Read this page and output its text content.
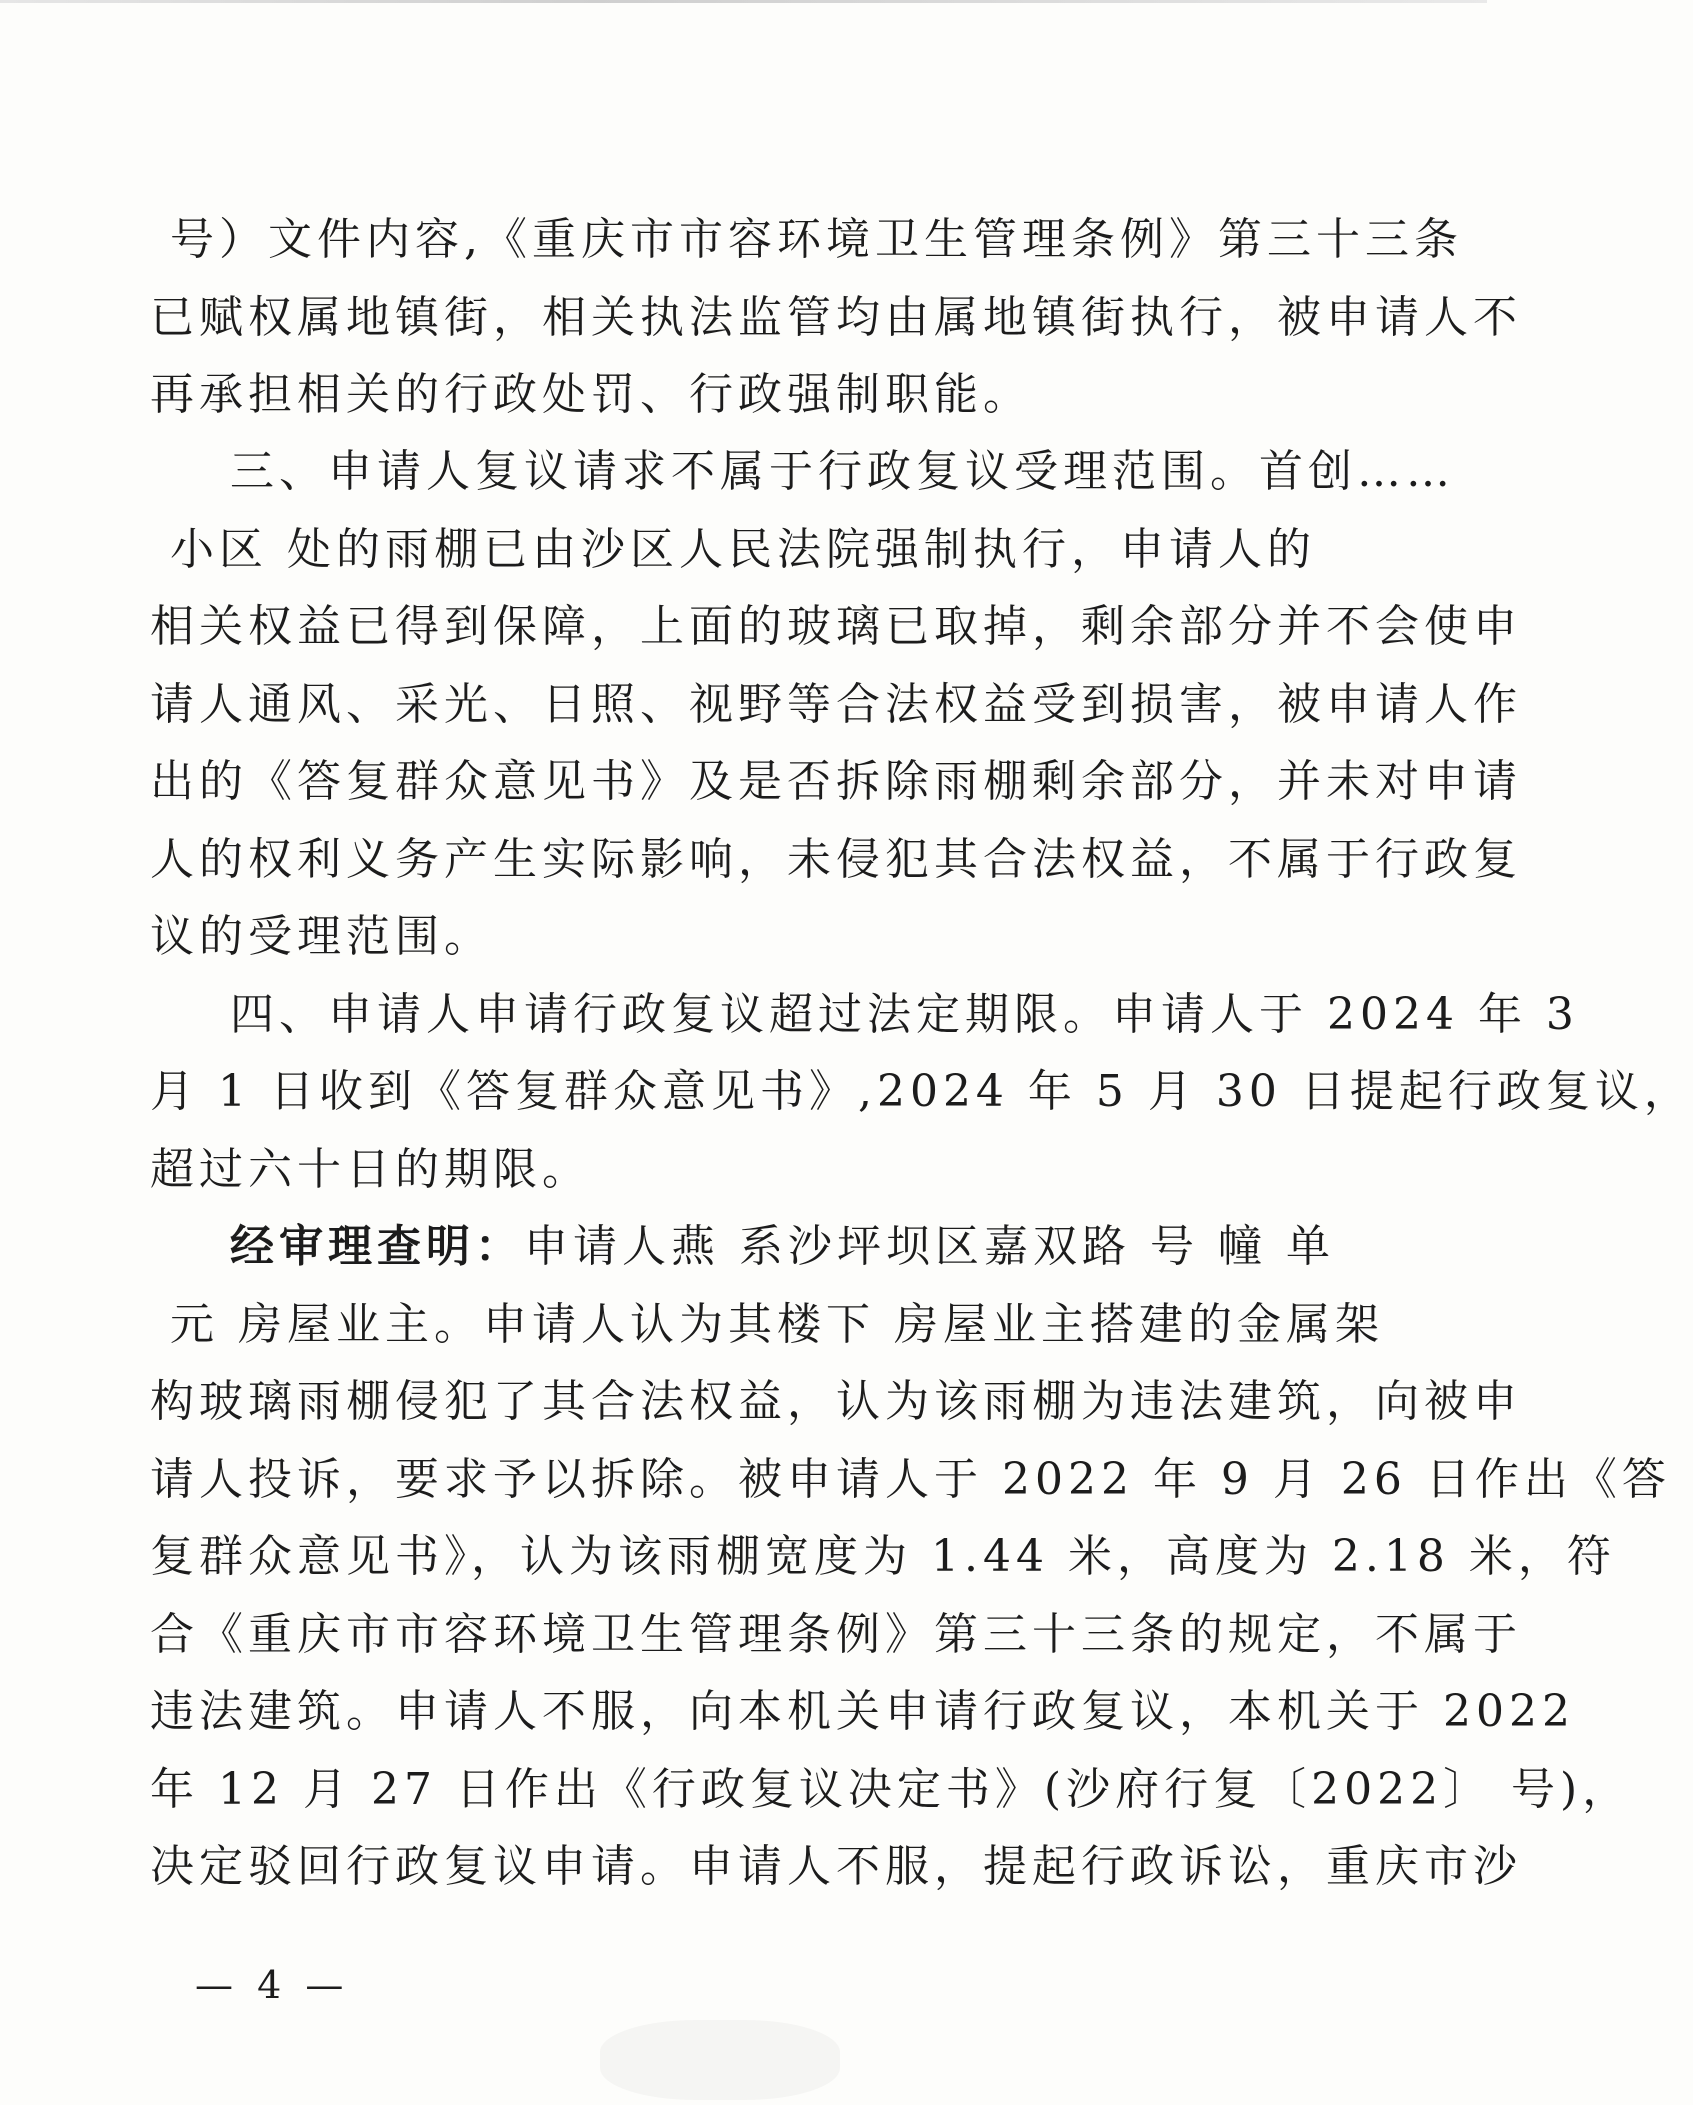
号）文件内容,《重庆市市容环境卫生管理条例》第三十三条
已赋权属地镇街，相关执法监管均由属地镇街执行，被申请人不
再承担相关的行政处罚、行政强制职能。
三、申请人复议请求不属于行政复议受理范围。首创……
小区 处的雨棚已由沙区人民法院强制执行，申请人的
相关权益已得到保障，上面的玻璃已取掉，剩余部分并不会使申
请人通风、采光、日照、视野等合法权益受到损害，被申请人作
出的《答复群众意见书》及是否拆除雨棚剩余部分，并未对申请
人的权利义务产生实际影响，未侵犯其合法权益，不属于行政复
议的受理范围。
四、申请人申请行政复议超过法定期限。申请人于 2024 年 3
月 1 日收到《答复群众意见书》,2024 年 5 月 30 日提起行政复议，
超过六十日的期限。
经审理查明：申请人燕 系沙坪坝区嘉双路 号 幢 单
元 房屋业主。申请人认为其楼下 房屋业主搭建的金属架
构玻璃雨棚侵犯了其合法权益，认为该雨棚为违法建筑，向被申
请人投诉，要求予以拆除。被申请人于 2022 年 9 月 26 日作出《答
复群众意见书》，认为该雨棚宽度为 1.44 米，高度为 2.18 米，符
合《重庆市市容环境卫生管理条例》第三十三条的规定，不属于
违法建筑。申请人不服，向本机关申请行政复议，本机关于 2022
年 12 月 27 日作出《行政复议决定书》(沙府行复〔2022〕 号)，
决定驳回行政复议申请。申请人不服，提起行政诉讼，重庆市沙
— 4 —
